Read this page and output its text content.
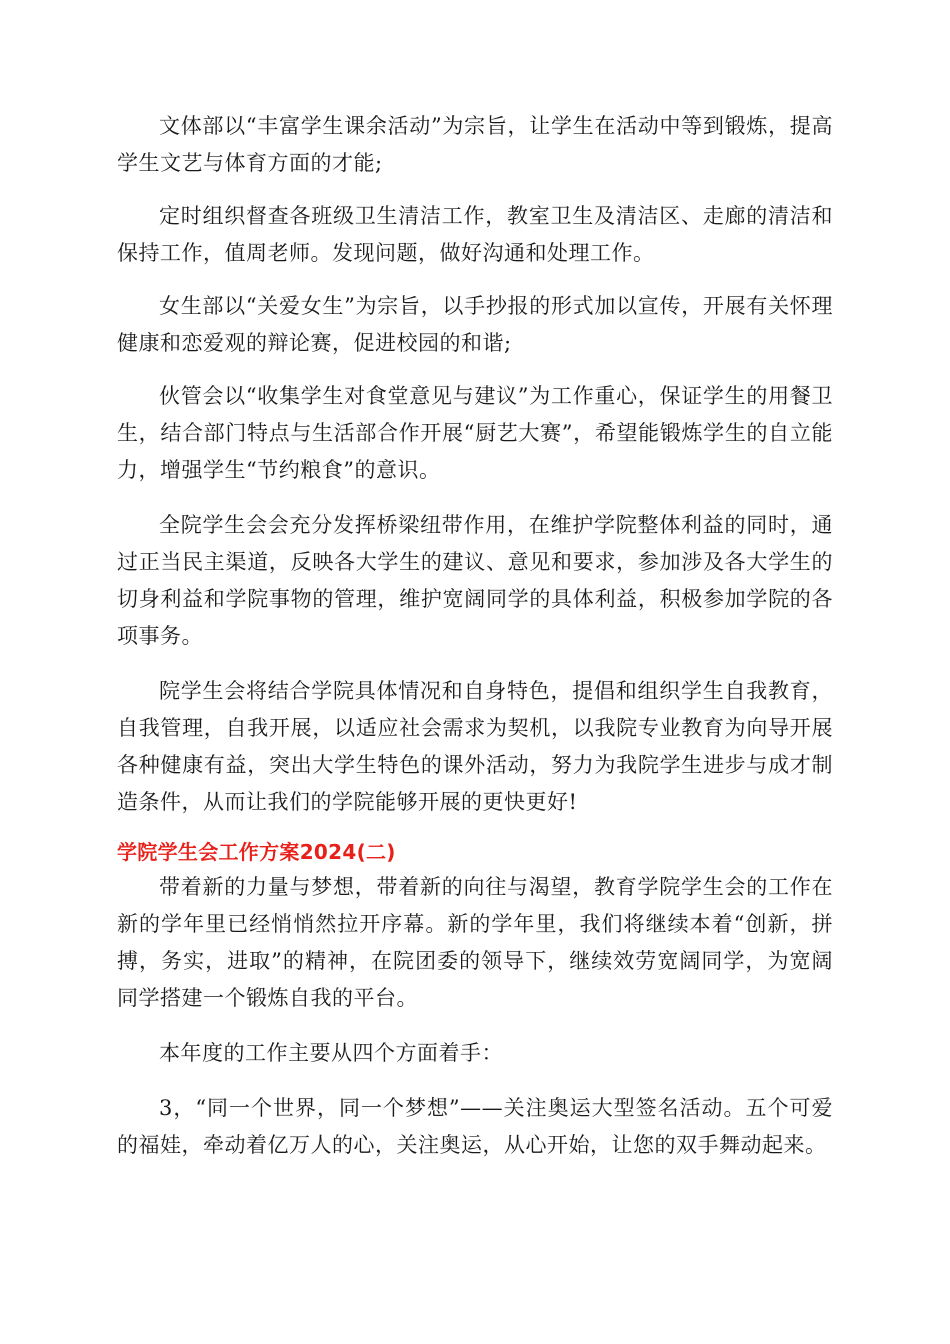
文体部以“丰富学生课余活动”为宗旨，让学生在活动中等到锻炼，提高学生文艺与体育方面的才能;

定时组织督查各班级卫生清洁工作，教室卫生及清洁区、走廊的清洁和保持工作，值周老师。发现问题，做好沟通和处理工作。

女生部以“关爱女生”为宗旨，以手抄报的形式加以宣传，开展有关怀理健康和恋爱观的辩论赛，促进校园的和谐;

伙管会以“收集学生对食堂意见与建议”为工作重心，保证学生的用餐卫生，结合部门特点与生活部合作开展“厨艺大赛”，希望能锻炼学生的自立能力，增强学生“节约粮食”的意识。

全院学生会会充分发挥桥梁纽带作用，在维护学院整体利益的同时，通过正当民主渠道，反映各大学生的建议、意见和要求，参加涉及各大学生的切身利益和学院事物的管理，维护宽阔同学的具体利益，积极参加学院的各项事务。

院学生会将结合学院具体情况和自身特色，提倡和组织学生自我教育，自我管理，自我开展，以适应社会需求为契机，以我院专业教育为向导开展各种健康有益，突出大学生特色的课外活动，努力为我院学生进步与成才制造条件，从而让我们的学院能够开展的更快更好!

学院学生会工作方案2024(二)

带着新的力量与梦想，带着新的向往与渴望，教育学院学生会的工作在新的学年里已经悄悄然拉开序幕。新的学年里，我们将继续本着“创新，拼搏，务实，进取”的精神，在院团委的领导下，继续效劳宽阔同学，为宽阔同学搭建一个锻炼自我的平台。

本年度的工作主要从四个方面着手：

3，“同一个世界，同一个梦想”——关注奥运大型签名活动。五个可爱的福娃，牵动着亿万人的心，关注奥运，从心开始，让您的双手舞动起来。
